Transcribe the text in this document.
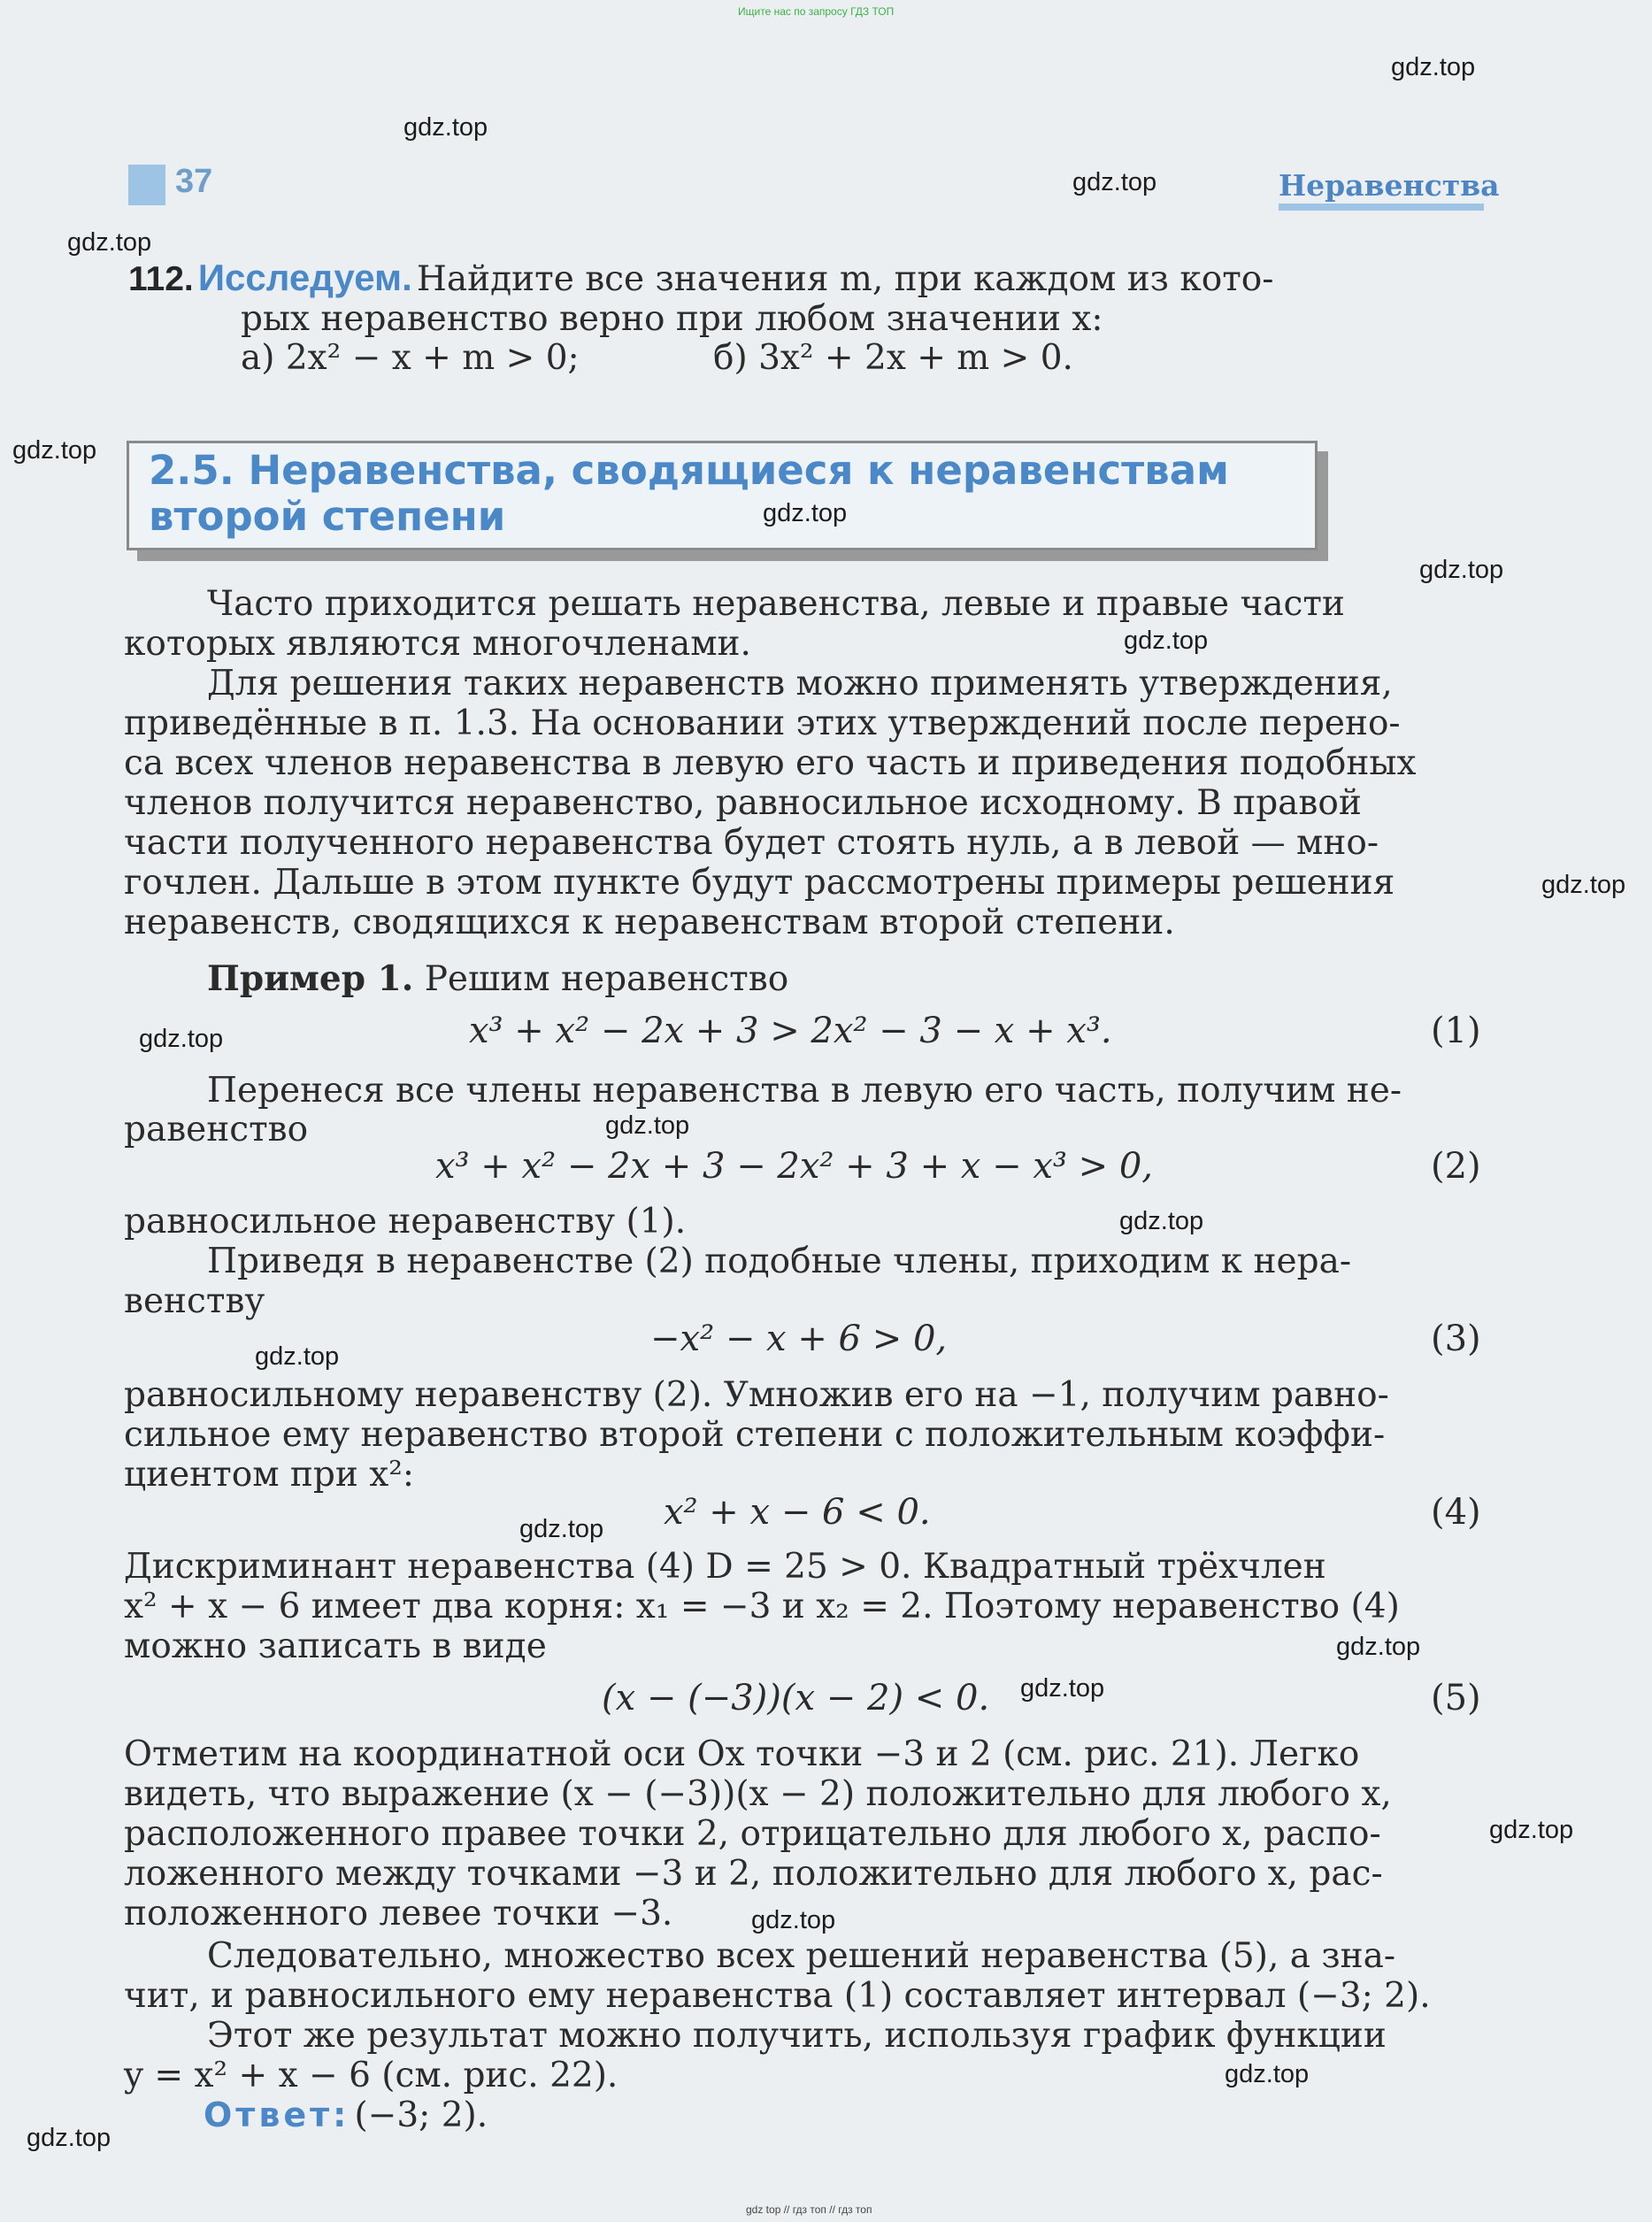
Ищите нас по запросу ГДЗ ТОП
gdz top // гдз топ // гдз топ
37	Неравенства
112. Исследуем. Найдите все значения m, при каждом из кото-
рых неравенство верно при любом значении x:
а) 2x² − x + m > 0;	б) 3x² + 2x + m > 0.
2.5. Неравенства, сводящиеся к неравенствам
второй степени
Часто приходится решать неравенства, левые и правые части
которых являются многочленами.
Для решения таких неравенств можно применять утверждения,
приведённые в п. 1.3. На основании этих утверждений после перено-
са всех членов неравенства в левую его часть и приведения подобных
членов получится неравенство, равносильное исходному. В правой
части полученного неравенства будет стоять нуль, а в левой — мно-
гочлен. Дальше в этом пункте будут рассмотрены примеры решения
неравенств, сводящихся к неравенствам второй степени.
Пример 1. Решим неравенство
x³ + x² − 2x + 3 > 2x² − 3 − x + x³.	(1)
Перенеся все члены неравенства в левую его часть, получим не-
равенство
x³ + x² − 2x + 3 − 2x² + 3 + x − x³ > 0,	(2)
равносильное неравенству (1).
Приведя в неравенстве (2) подобные члены, приходим к нера-
венству
−x² − x + 6 > 0,	(3)
равносильному неравенству (2). Умножив его на −1, получим равно-
сильное ему неравенство второй степени с положительным коэффи-
циентом при x²:
x² + x − 6 < 0.	(4)
Дискриминант неравенства (4) D = 25 > 0. Квадратный трёхчлен
x² + x − 6 имеет два корня: x₁ = −3 и x₂ = 2. Поэтому неравенство (4)
можно записать в виде
(x − (−3))(x − 2) < 0.	(5)
Отметим на координатной оси Ox точки −3 и 2 (см. рис. 21). Легко
видеть, что выражение (x − (−3))(x − 2) положительно для любого x,
расположенного правее точки 2, отрицательно для любого x, распо-
ложенного между точками −3 и 2, положительно для любого x, рас-
положенного левее точки −3.
Следовательно, множество всех решений неравенства (5), а зна-
чит, и равносильного ему неравенства (1) составляет интервал (−3; 2).
Этот же результат можно получить, используя график функции
y = x² + x − 6 (см. рис. 22).
Ответ: (−3; 2).
gdz.top
gdz.top
gdz.top
gdz.top
gdz.top
gdz.top
gdz.top
gdz.top
gdz.top
gdz.top
gdz.top
gdz.top
gdz.top
gdz.top
gdz.top
gdz.top
gdz.top
gdz.top
gdz.top
gdz.top
